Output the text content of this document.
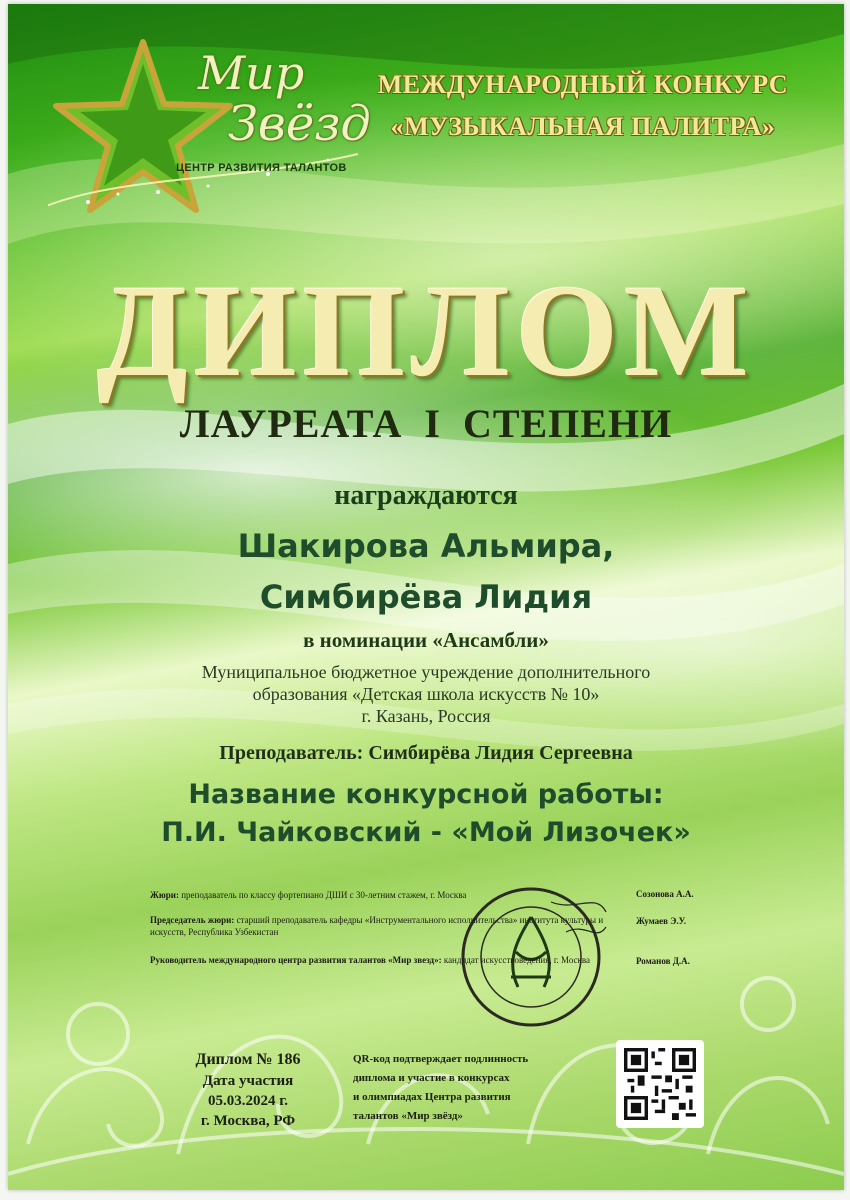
Мир
Звёзд
ЦЕНТР РАЗВИТИЯ ТАЛАНТОВ
МЕЖДУНАРОДНЫЙ КОНКУРС
«МУЗЫКАЛЬНАЯ ПАЛИТРА»
ДИПЛОМ
ЛАУРЕАТА  I  СТЕПЕНИ
награждаются
Шакирова Альмира,
Симбирёва Лидия
в номинации «Ансамбли»
Муниципальное бюджетное учреждение дополнительного
образования «Детская школа искусств № 10»
г. Казань, Россия
Преподаватель: Симбирёва Лидия Сергеевна
Название конкурсной работы:
П.И. Чайковский - «Мой Лизочек»
Жюри: преподаватель по классу фортепиано ДШИ с 30-летним стажем, г. Москва	Созонова А.А.
Председатель жюри: старший преподаватель кафедры «Инструментального исполнительства» института культуры и искусств, Республика Узбекистан
Жумаев Э.У.
Руководитель международного центра развития талантов «Мир звезд»: кандидат искусствоведения, г. Москва	Романов Д.А.
Диплом № 186
Дата участия
05.03.2024 г.
г. Москва, РФ
QR-код подтверждает подлинность
диплома и участие в конкурсах
и олимпиадах Центра развития
талантов «Мир звёзд»
